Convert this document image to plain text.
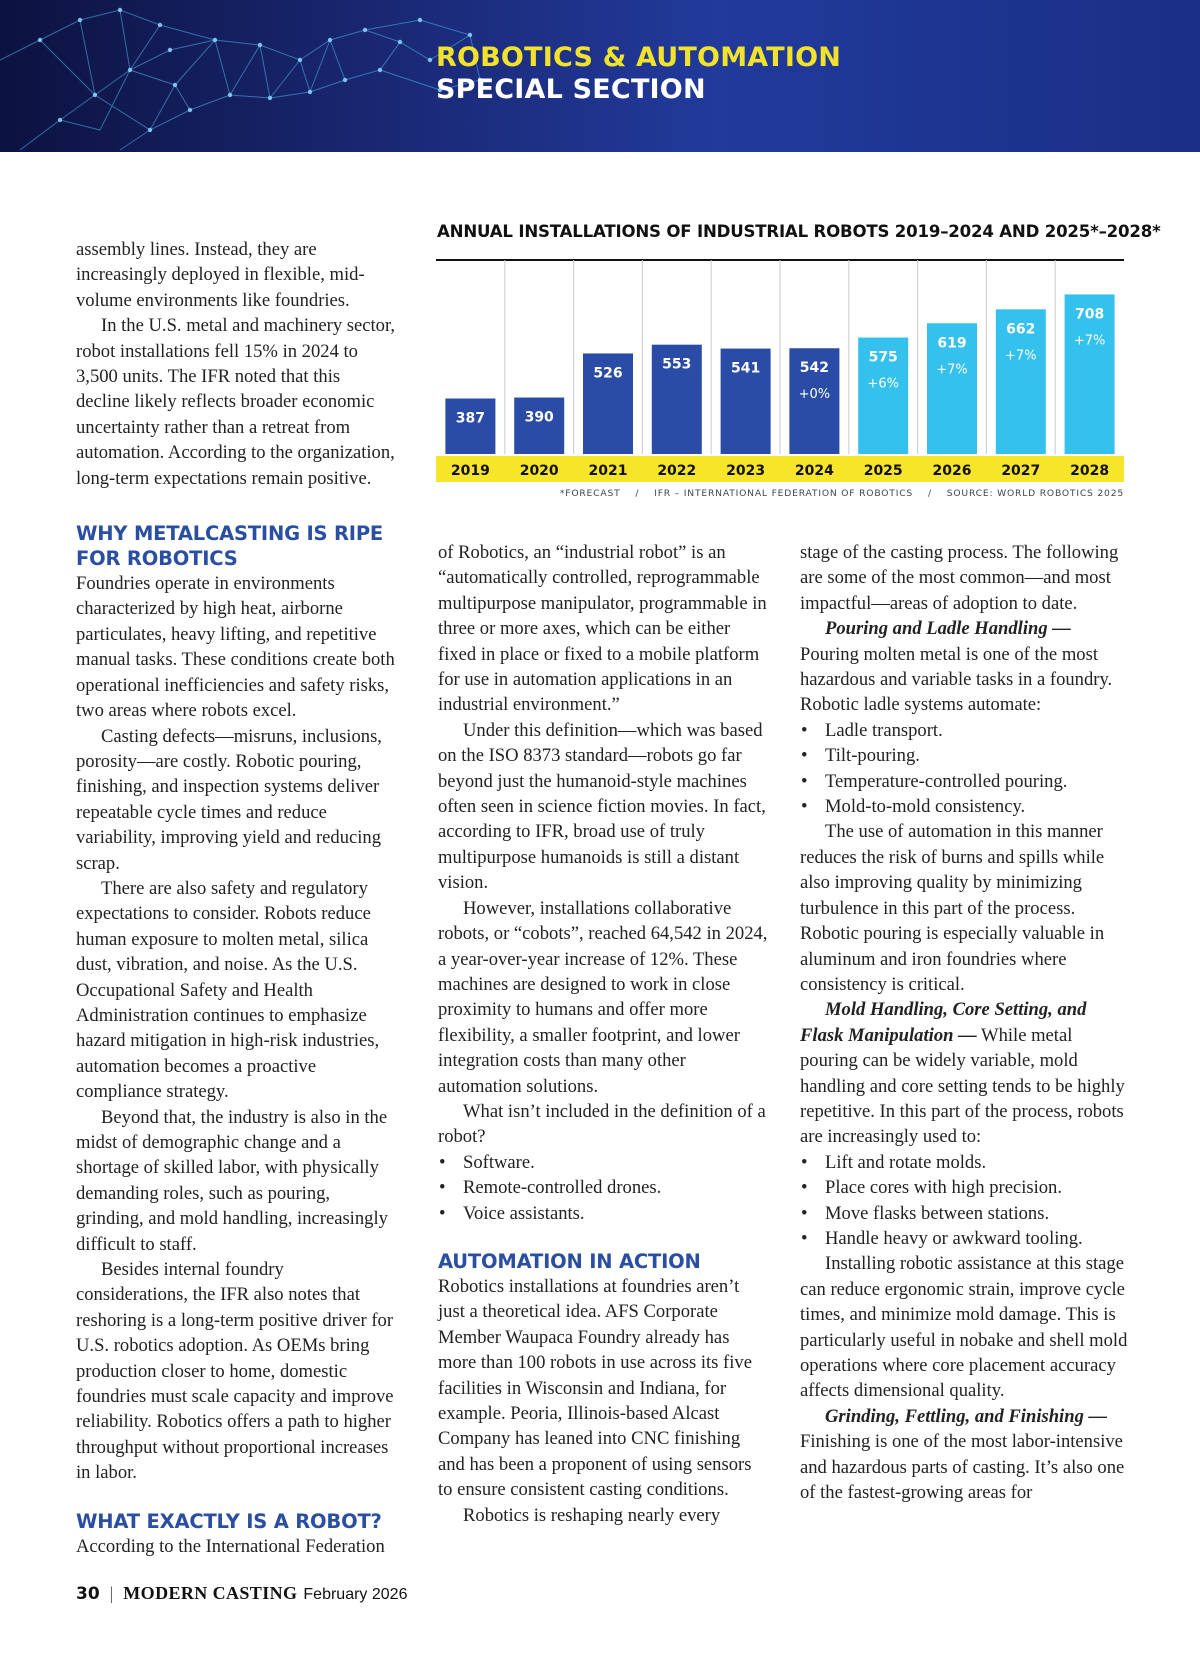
ROBOTICS & AUTOMATION
SPECIAL SECTION

assembly lines. Instead, they are increasingly deployed in flexible, mid-volume environments like foundries.

In the U.S. metal and machinery sector, robot installations fell 15% in 2024 to 3,500 units. The IFR noted that this decline likely reflects broader economic uncertainty rather than a retreat from automation. According to the organization, long-term expectations remain positive.

WHY METALCASTING IS RIPE FOR ROBOTICS

Foundries operate in environments characterized by high heat, airborne particulates, heavy lifting, and repetitive manual tasks. These conditions create both operational inefficiencies and safety risks, two areas where robots excel.

Casting defects—misruns, inclusions, porosity—are costly. Robotic pouring, finishing, and inspection systems deliver repeatable cycle times and reduce variability, improving yield and reducing scrap.

There are also safety and regulatory expectations to consider. Robots reduce human exposure to molten metal, silica dust, vibration, and noise. As the U.S. Occupational Safety and Health Administration continues to emphasize hazard mitigation in high-risk industries, automation becomes a proactive compliance strategy.

Beyond that, the industry is also in the midst of demographic change and a shortage of skilled labor, with physically demanding roles, such as pouring, grinding, and mold handling, increasingly difficult to staff.

Besides internal foundry considerations, the IFR also notes that reshoring is a long-term positive driver for U.S. robotics adoption. As OEMs bring production closer to home, domestic foundries must scale capacity and improve reliability. Robotics offers a path to higher throughput without proportional increases in labor.

WHAT EXACTLY IS A ROBOT?

According to the International Federation

ANNUAL INSTALLATIONS OF INDUSTRIAL ROBOTS 2019–2024 AND 2025*–2028*
387
2019
390
2020
526
2021
553
2022
541
2023
542
+0%
2024
575
+6%
2025
619
+7%
2026
662
+7%
2027
708
+7%
2028
*FORECAST / IFR – INTERNATIONAL FEDERATION OF ROBOTICS / SOURCE: WORLD ROBOTICS 2025

of Robotics, an “industrial robot” is an “automatically controlled, reprogrammable multipurpose manipulator, programmable in three or more axes, which can be either fixed in place or fixed to a mobile platform for use in automation applications in an industrial environment.”

Under this definition—which was based on the ISO 8373 standard—robots go far beyond just the humanoid-style machines often seen in science fiction movies. In fact, according to IFR, broad use of truly multipurpose humanoids is still a distant vision.

However, installations collaborative robots, or “cobots”, reached 64,542 in 2024, a year-over-year increase of 12%. These machines are designed to work in close proximity to humans and offer more flexibility, a smaller footprint, and lower integration costs than many other automation solutions.

What isn’t included in the definition of a robot?

• Software.
• Remote-controlled drones.
• Voice assistants.
AUTOMATION IN ACTION

Robotics installations at foundries aren’t just a theoretical idea. AFS Corporate Member Waupaca Foundry already has more than 100 robots in use across its five facilities in Wisconsin and Indiana, for example. Peoria, Illinois-based Alcast Company has leaned into CNC finishing and has been a proponent of using sensors to ensure consistent casting conditions.

Robotics is reshaping nearly every

stage of the casting process. The following are some of the most common—and most impactful—areas of adoption to date.

Pouring and Ladle Handling — Pouring molten metal is one of the most hazardous and variable tasks in a foundry. Robotic ladle systems automate:

• Ladle transport.
• Tilt-pouring.
• Temperature-controlled pouring.
• Mold-to-mold consistency.

The use of automation in this manner reduces the risk of burns and spills while also improving quality by minimizing turbulence in this part of the process. Robotic pouring is especially valuable in aluminum and iron foundries where consistency is critical.

Mold Handling, Core Setting, and Flask Manipulation — While metal pouring can be widely variable, mold handling and core setting tends to be highly repetitive. In this part of the process, robots are increasingly used to:

• Lift and rotate molds.
• Place cores with high precision.
• Move flasks between stations.
• Handle heavy or awkward tooling.

Installing robotic assistance at this stage can reduce ergonomic strain, improve cycle times, and minimize mold damage. This is particularly useful in nobake and shell mold operations where core placement accuracy affects dimensional quality.

Grinding, Fettling, and Finishing — Finishing is one of the most labor-intensive and hazardous parts of casting. It’s also one of the fastest-growing areas for

30 | MODERN CASTING February 2026
